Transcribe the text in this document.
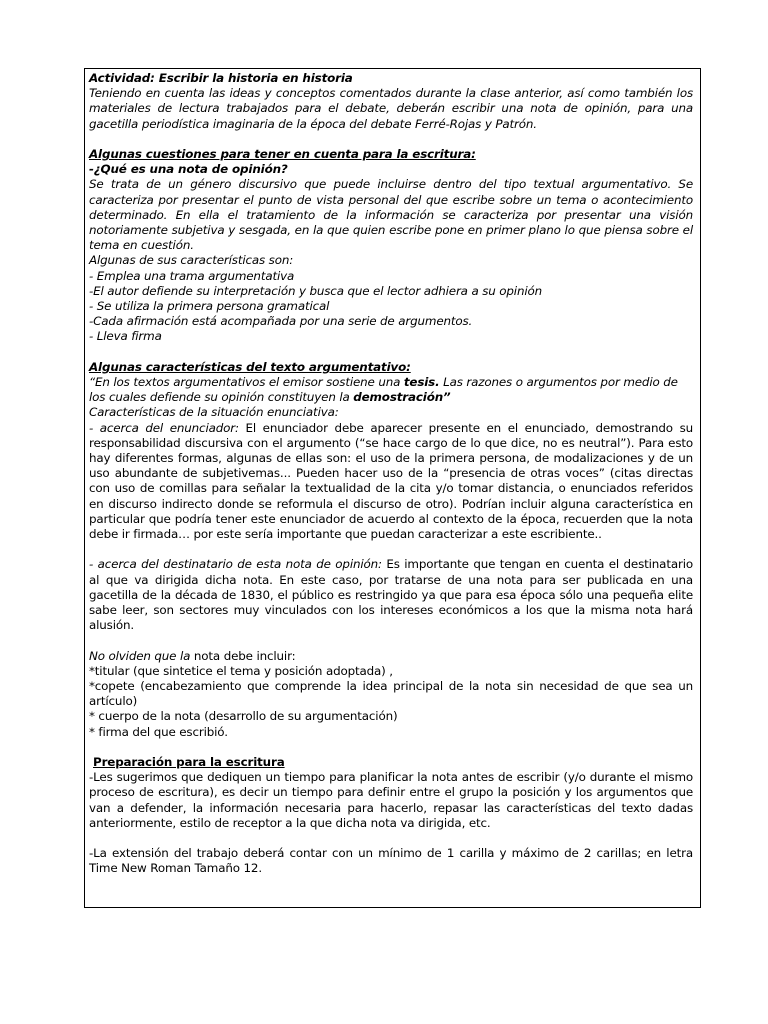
Actividad: Escribir la historia en historia

Teniendo en cuenta las ideas y conceptos comentados durante la clase anterior, así como también los materiales de lectura trabajados para el debate, deberán escribir una nota de opinión, para una gacetilla periodística imaginaria de la época del debate Ferré-Rojas y Patrón.

Algunas cuestiones para tener en cuenta para la escritura:

-¿Qué es una nota de opinión?

Se trata de un género discursivo que puede incluirse dentro del tipo textual argumentativo. Se caracteriza por presentar el punto de vista personal del que escribe sobre un tema o acontecimiento determinado. En ella el tratamiento de la información se caracteriza por presentar una visión notoriamente subjetiva y sesgada, en la que quien escribe pone en primer plano lo que piensa sobre el tema en cuestión.

Algunas de sus características son:

- Emplea una trama argumentativa

-El autor defiende su interpretación y busca que el lector adhiera a su opinión

- Se utiliza la primera persona gramatical

-Cada afirmación está acompañada por una serie de argumentos.

- Lleva firma

Algunas características del texto argumentativo:

“En los textos argumentativos el emisor sostiene una tesis. Las razones o argumentos por medio de los cuales defiende su opinión constituyen la demostración”

Características de la situación enunciativa:

- acerca del enunciador: El enunciador debe aparecer presente en el enunciado, demostrando su responsabilidad discursiva con el argumento (“se hace cargo de lo que dice, no es neutral”). Para esto hay diferentes formas, algunas de ellas son: el uso de la primera persona, de modalizaciones y de un uso abundante de subjetivemas... Pueden hacer uso de la “presencia de otras voces” (citas directas con uso de comillas para señalar la textualidad de la cita y/o tomar distancia, o enunciados referidos en discurso indirecto donde se reformula el discurso de otro). Podrían incluir alguna característica en particular que podría tener este enunciador de acuerdo al contexto de la época, recuerden que la nota debe ir firmada… por este sería importante que puedan caracterizar a este escribiente..

- acerca del destinatario de esta nota de opinión: Es importante que tengan en cuenta el destinatario al que va dirigida dicha nota. En este caso, por tratarse de una nota para ser publicada en una gacetilla de la década de 1830, el público es restringido ya que para esa época sólo una pequeña elite sabe leer, son sectores muy vinculados con los intereses económicos a los que la misma nota hará alusión.

No olviden que la nota debe incluir:

*titular (que sintetice el tema y posición adoptada) ,

*copete (encabezamiento que comprende la idea principal de la nota sin necesidad de que sea un artículo)

* cuerpo de la nota (desarrollo de su argumentación)

* firma del que escribió.

Preparación para la escritura

-Les sugerimos que dediquen un tiempo para planificar la nota antes de escribir (y/o durante el mismo proceso de escritura), es decir un tiempo para definir entre el grupo la posición y los argumentos que van a defender, la información necesaria para hacerlo, repasar las características del texto dadas anteriormente, estilo de receptor a la que dicha nota va dirigida, etc.

-La extensión del trabajo deberá contar con un mínimo de 1 carilla y máximo de 2 carillas; en letra Time New Roman Tamaño 12.
